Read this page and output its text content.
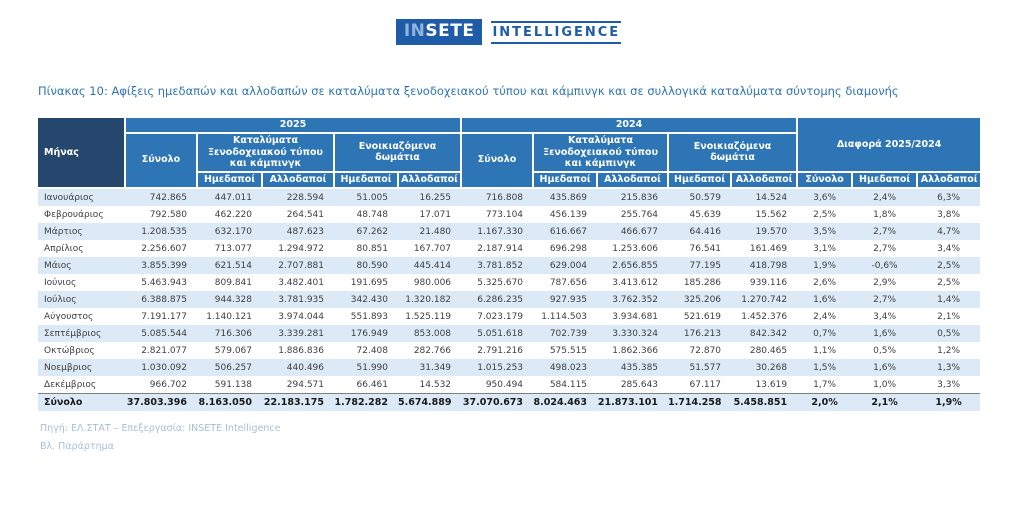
INSETE	INTELLIGENCE
Πίνακας 10: Αφίξεις ημεδαπών και αλλοδαπών σε καταλύματα ξενοδοχειακού τύπου και κάμπινγκ και σε συλλογικά καταλύματα σύντομης διαμονής
Μήνας	2025					2024					Διαφορά 2025/2024		
	Σύνολο	Καταλύματα Ξενοδοχειακού τύπου και κάμπινγκ		Ενοικιαζόμενα δωμάτια		Σύνολο	Καταλύματα Ξενοδοχειακού τύπου και κάμπινγκ		Ενοικιαζόμενα δωμάτια				
		Ημεδαποί	Αλλοδαποί	Ημεδαποί	Αλλοδαποί		Ημεδαποί	Αλλοδαποί	Ημεδαποί	Αλλοδαποί	Σύνολο	Ημεδαποί	Αλλοδαποί
Ιανουάριος	742.865	447.011	228.594	51.005	16.255	716.808	435.869	215.836	50.579	14.524	3,6%	2,4%	6,3%
Φεβρουάριος	792.580	462.220	264.541	48.748	17.071	773.104	456.139	255.764	45.639	15.562	2,5%	1,8%	3,8%
Μάρτιος	1.208.535	632.170	487.623	67.262	21.480	1.167.330	616.667	466.677	64.416	19.570	3,5%	2,7%	4,7%
Απρίλιος	2.256.607	713.077	1.294.972	80.851	167.707	2.187.914	696.298	1.253.606	76.541	161.469	3,1%	2,7%	3,4%
Μάιος	3.855.399	621.514	2.707.881	80.590	445.414	3.781.852	629.004	2.656.855	77.195	418.798	1,9%	-0,6%	2,5%
Ιούνιος	5.463.943	809.841	3.482.401	191.695	980.006	5.325.670	787.656	3.413.612	185.286	939.116	2,6%	2,9%	2,5%
Ιούλιος	6.388.875	944.328	3.781.935	342.430	1.320.182	6.286.235	927.935	3.762.352	325.206	1.270.742	1,6%	2,7%	1,4%
Αύγουστος	7.191.177	1.140.121	3.974.044	551.893	1.525.119	7.023.179	1.114.503	3.934.681	521.619	1.452.376	2,4%	3,4%	2,1%
Σεπτέμβριος	5.085.544	716.306	3.339.281	176.949	853.008	5.051.618	702.739	3.330.324	176.213	842.342	0,7%	1,6%	0,5%
Οκτώβριος	2.821.077	579.067	1.886.836	72.408	282.766	2.791.216	575.515	1.862.366	72.870	280.465	1,1%	0,5%	1,2%
Νοεμβριος	1.030.092	506.257	440.496	51.990	31.349	1.015.253	498.023	435.385	51.577	30.268	1,5%	1,6%	1,3%
Δεκέμβριος	966.702	591.138	294.571	66.461	14.532	950.494	584.115	285.643	67.117	13.619	1,7%	1,0%	3,3%
Σύνολο	37.803.396	8.163.050	22.183.175	1.782.282	5.674.889	37.070.673	8.024.463	21.873.101	1.714.258	5.458.851	2,0%	2,1%	1,9%
Πηγή: ΕΛ.ΣΤΑΤ – Επεξεργασία: INSETE Intelligence
Βλ. Παράρτημα
